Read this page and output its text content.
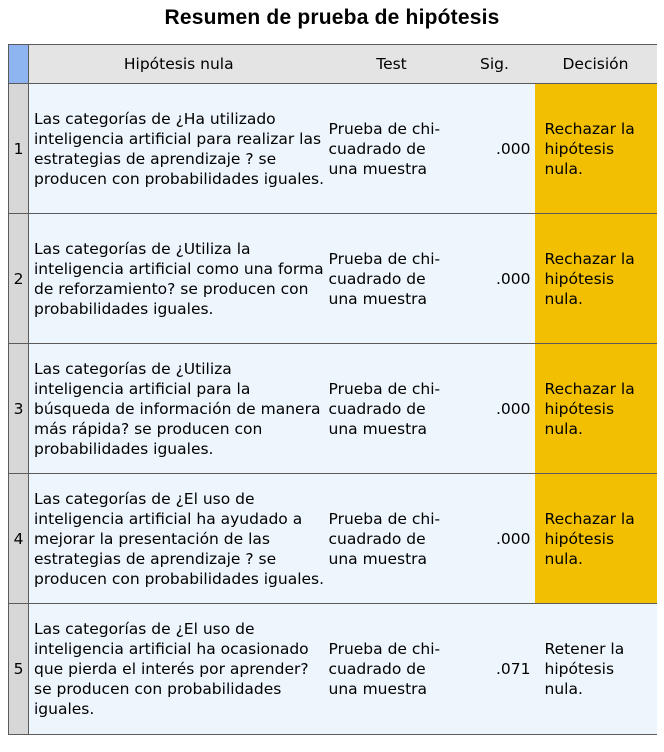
Resumen de prueba de hipótesis
	Hipótesis nula	Test	Sig.	Decisión
1	Las categorías de ¿Ha utilizado inteligencia artificial para realizar las estrategias de aprendizaje ? se producen con probabilidades iguales.	Prueba de chi-cuadrado de una muestra	.000	Rechazar la hipótesis nula.
2	Las categorías de ¿Utiliza la inteligencia artificial como una forma de reforzamiento? se producen con probabilidades iguales.	Prueba de chi-cuadrado de una muestra	.000	Rechazar la hipótesis nula.
3	Las categorías de ¿Utiliza inteligencia artificial para la búsqueda de información de manera más rápida? se producen con probabilidades iguales.	Prueba de chi-cuadrado de una muestra	.000	Rechazar la hipótesis nula.
4	Las categorías de ¿El uso de inteligencia artificial ha ayudado a mejorar la presentación de las estrategias de aprendizaje ? se producen con probabilidades iguales.	Prueba de chi-cuadrado de una muestra	.000	Rechazar la hipótesis nula.
5	Las categorías de ¿El uso de inteligencia artificial ha ocasionado que pierda el interés por aprender? se producen con probabilidades iguales.	Prueba de chi-cuadrado de una muestra	.071	Retener la hipótesis nula.
